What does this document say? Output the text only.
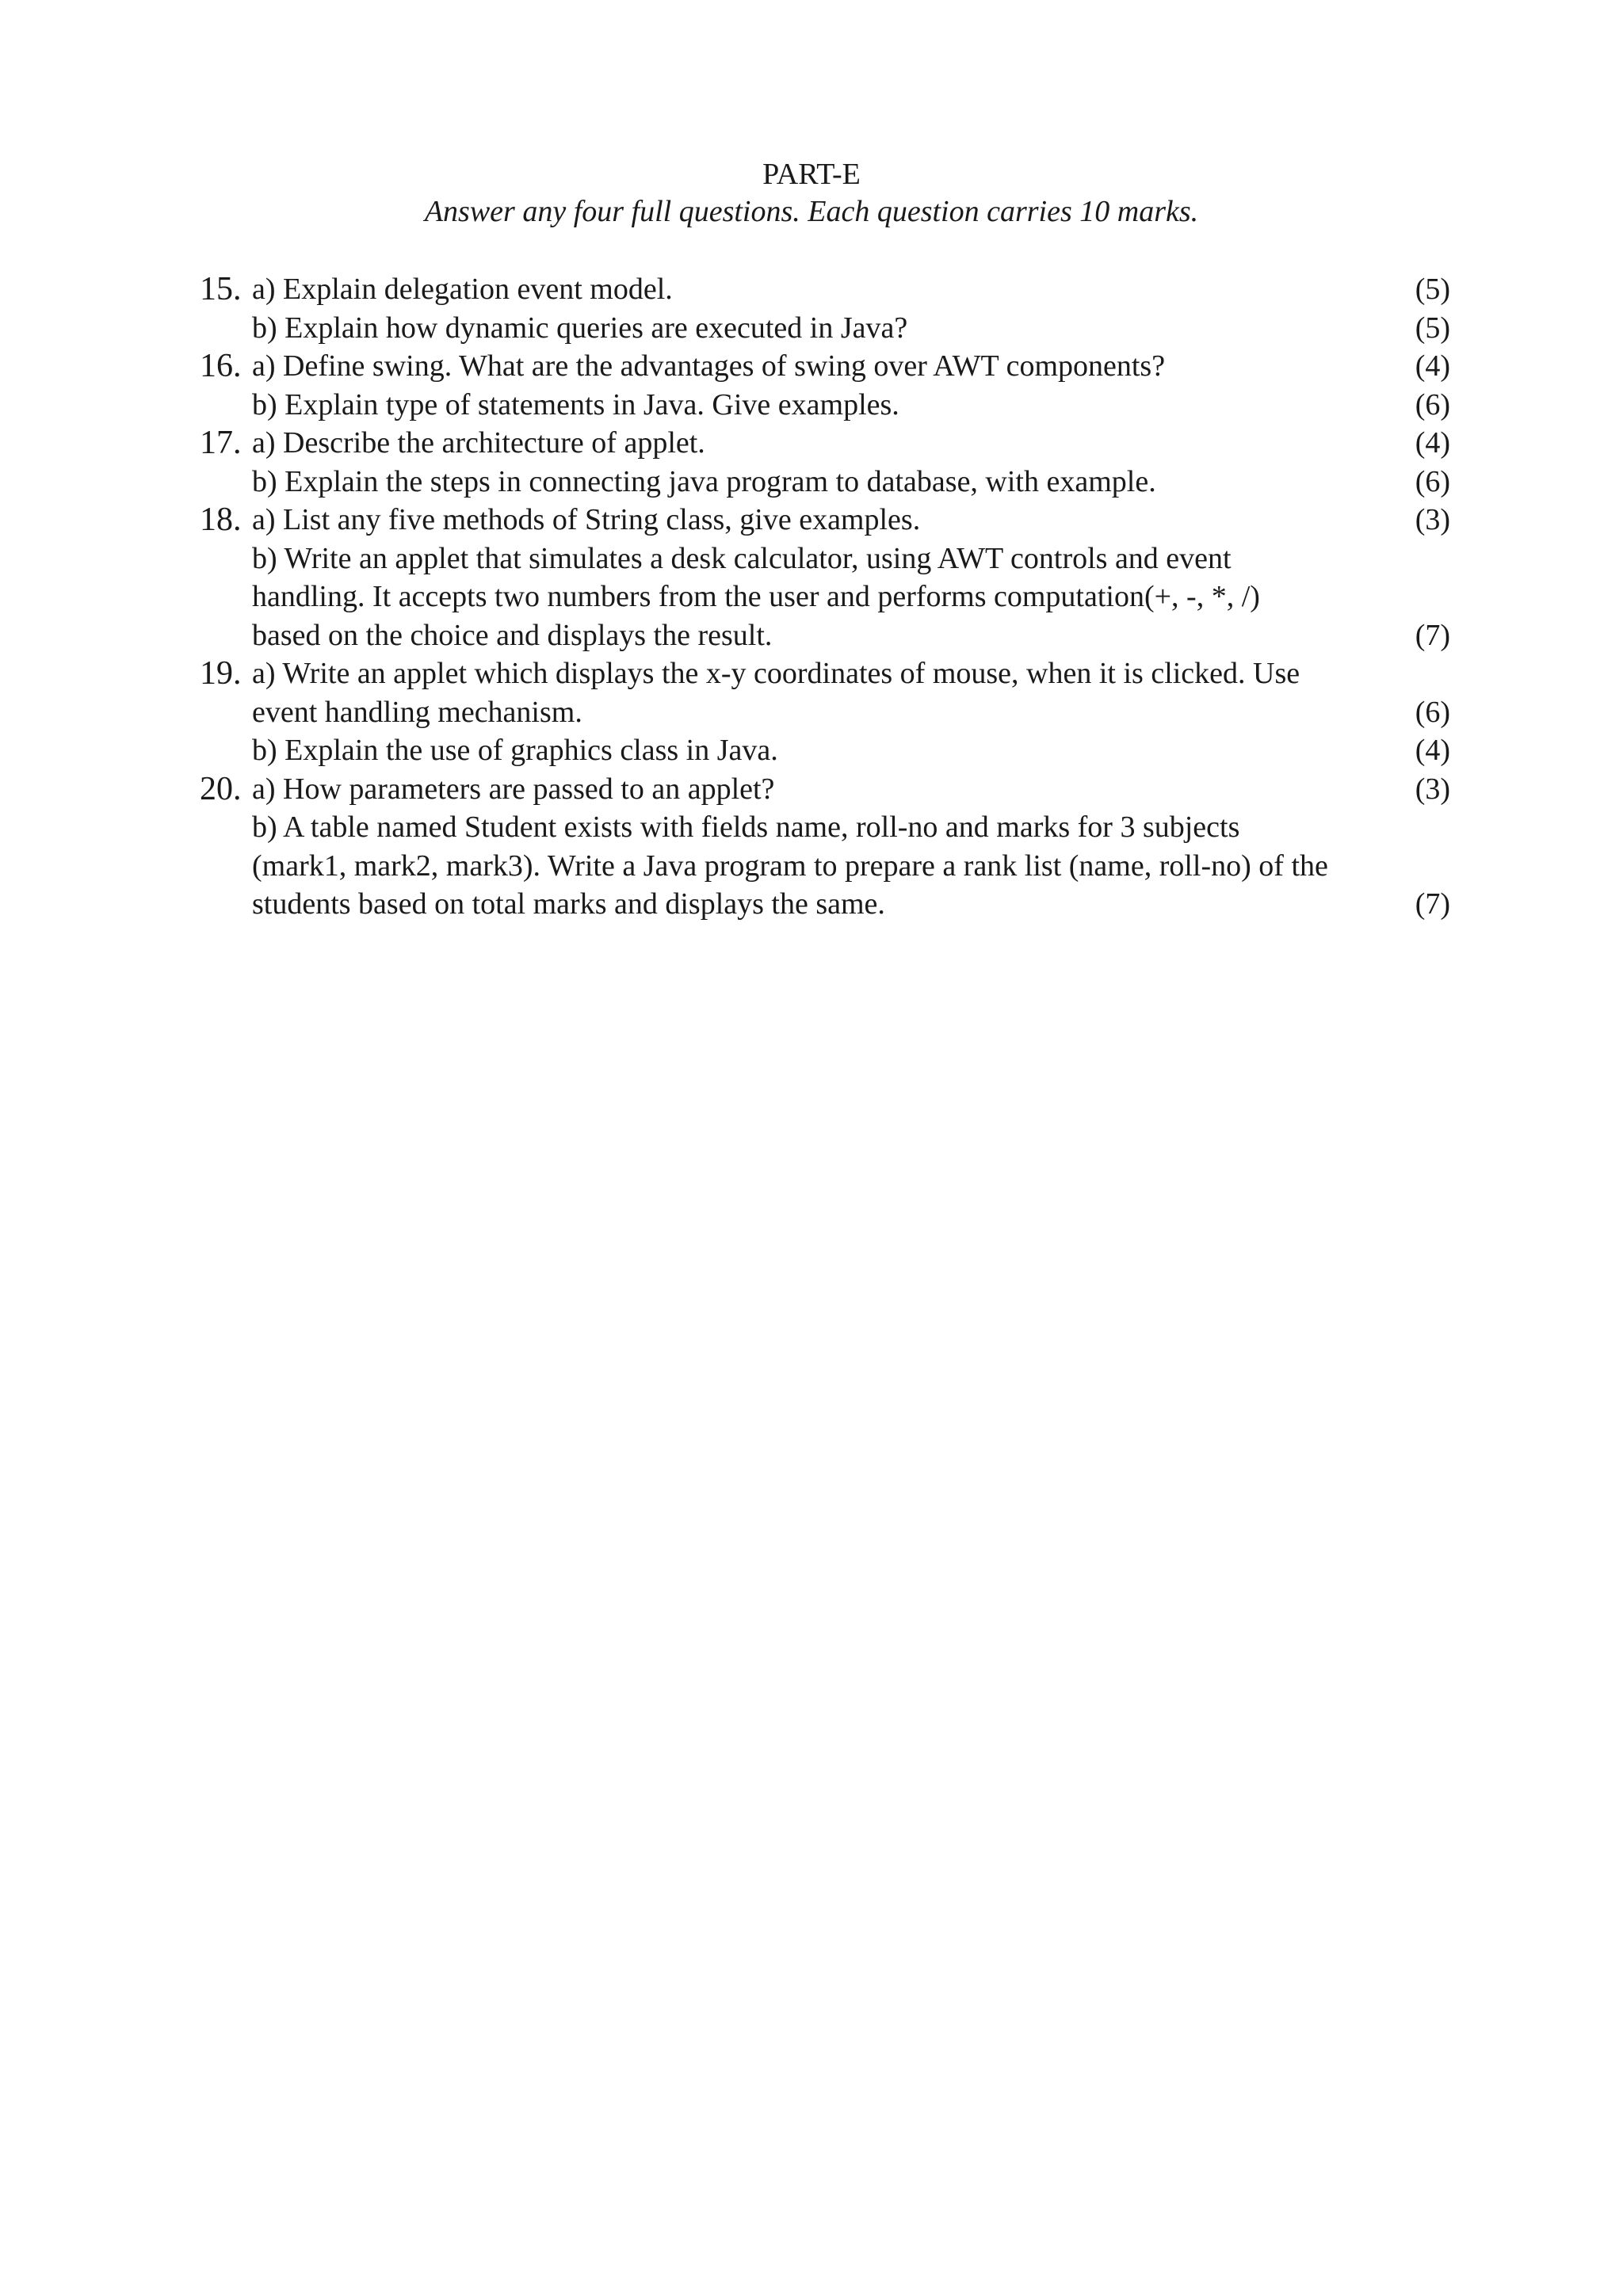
PART-E
Answer any four full questions. Each question carries 10 marks.
15. a) Explain delegation event model.	(5)
b) Explain how dynamic queries are executed in Java?	(5)
16. a) Define swing. What are the advantages of swing over AWT components?	(4)
b) Explain type of statements in Java. Give examples.	(6)
17. a) Describe the architecture of applet.	(4)
b) Explain the steps in connecting java program to database, with example.	(6)
18. a) List any five methods of String class, give examples.	(3)
b) Write an applet that simulates a desk calculator, using AWT controls and event
handling. It accepts two numbers from the user and performs computation(+, -, *, /)
based on the choice and displays the result.	(7)
19. a) Write an applet which displays the x-y coordinates of mouse, when it is clicked. Use
event handling mechanism.	(6)
b) Explain the use of graphics class in Java.	(4)
20. a) How parameters are passed to an applet?	(3)
b) A table named Student exists with fields name, roll-no and marks for 3 subjects
(mark1, mark2, mark3). Write a Java program to prepare a rank list (name, roll-no) of the
students based on total marks and displays the same.	(7)
